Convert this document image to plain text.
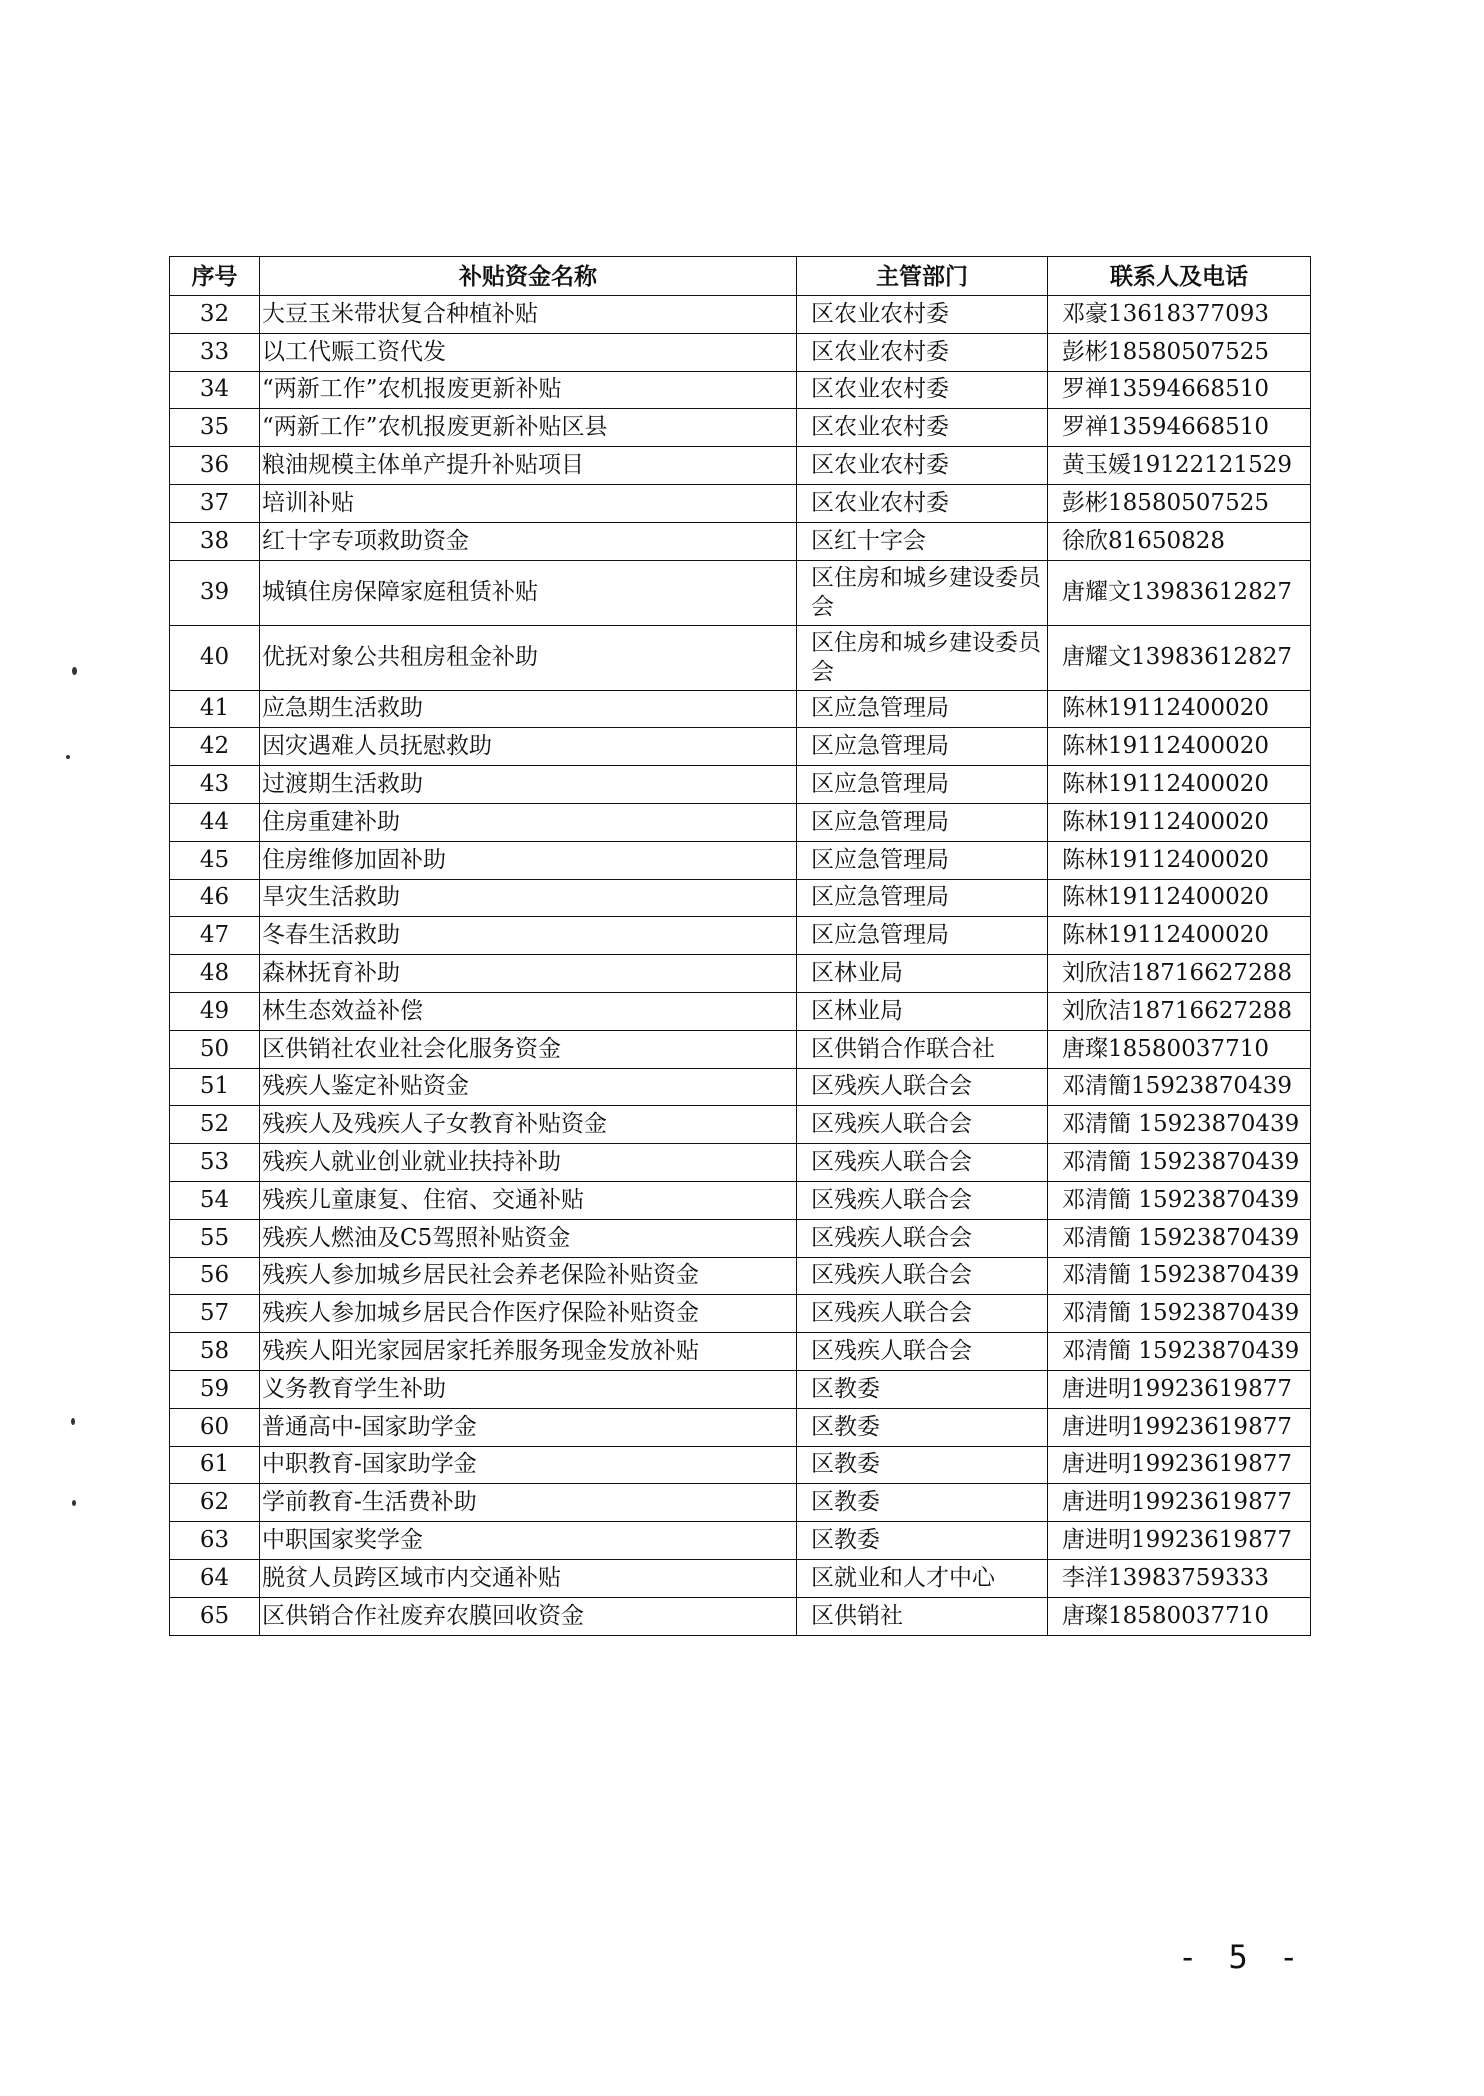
序号	补贴资金名称	主管部门	联系人及电话
32	大豆玉米带状复合种植补贴	区农业农村委	邓豪13618377093
33	以工代赈工资代发	区农业农村委	彭彬18580507525
34	“两新工作”农机报废更新补贴	区农业农村委	罗禅13594668510
35	“两新工作”农机报废更新补贴区县	区农业农村委	罗禅13594668510
36	粮油规模主体单产提升补贴项目	区农业农村委	黄玉媛19122121529
37	培训补贴	区农业农村委	彭彬18580507525
38	红十字专项救助资金	区红十字会	徐欣81650828
39	城镇住房保障家庭租赁补贴	区住房和城乡建设委员会	唐耀文13983612827
40	优抚对象公共租房租金补助	区住房和城乡建设委员会	唐耀文13983612827
41	应急期生活救助	区应急管理局	陈林19112400020
42	因灾遇难人员抚慰救助	区应急管理局	陈林19112400020
43	过渡期生活救助	区应急管理局	陈林19112400020
44	住房重建补助	区应急管理局	陈林19112400020
45	住房维修加固补助	区应急管理局	陈林19112400020
46	旱灾生活救助	区应急管理局	陈林19112400020
47	冬春生活救助	区应急管理局	陈林19112400020
48	森林抚育补助	区林业局	刘欣洁18716627288
49	林生态效益补偿	区林业局	刘欣洁18716627288
50	区供销社农业社会化服务资金	区供销合作联合社	唐璨18580037710
51	残疾人鉴定补贴资金	区残疾人联合会	邓清簡15923870439
52	残疾人及残疾人子女教育补贴资金	区残疾人联合会	邓清簡 15923870439
53	残疾人就业创业就业扶持补助	区残疾人联合会	邓清簡 15923870439
54	残疾儿童康复、住宿、交通补贴	区残疾人联合会	邓清簡 15923870439
55	残疾人燃油及C5驾照补贴资金	区残疾人联合会	邓清簡 15923870439
56	残疾人参加城乡居民社会养老保险补贴资金	区残疾人联合会	邓清簡 15923870439
57	残疾人参加城乡居民合作医疗保险补贴资金	区残疾人联合会	邓清簡 15923870439
58	残疾人阳光家园居家托养服务现金发放补贴	区残疾人联合会	邓清簡 15923870439
59	义务教育学生补助	区教委	唐进明19923619877
60	普通高中-国家助学金	区教委	唐进明19923619877
61	中职教育-国家助学金	区教委	唐进明19923619877
62	学前教育-生活费补助	区教委	唐进明19923619877
63	中职国家奖学金	区教委	唐进明19923619877
64	脱贫人员跨区域市内交通补贴	区就业和人才中心	李洋13983759333
65	区供销合作社废弃农膜回收资金	区供销社	唐璨18580037710
- 5 -
